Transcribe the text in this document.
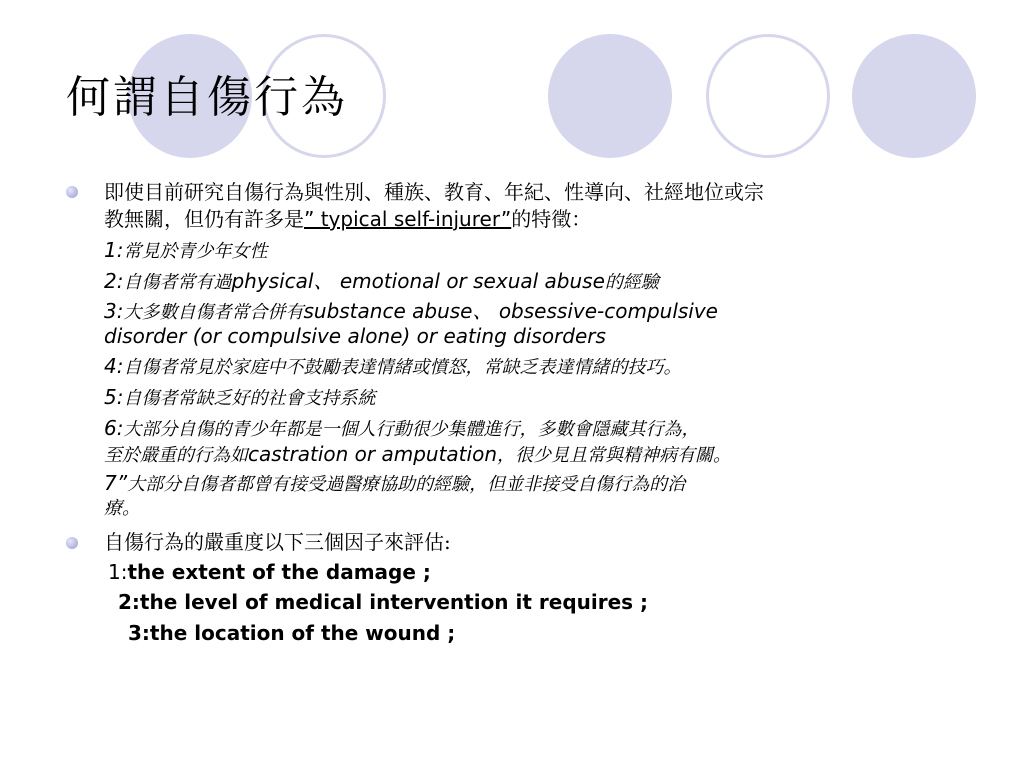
何謂自傷行為

即使目前研究自傷行為與性別、種族、教育、年紀、性導向、社經地位或宗

教無關，但仍有許多是” typical self-injurer”的特徵：

1:常見於青少年女性

2:自傷者常有過physical、 emotional or sexual abuse的經驗

3:大多數自傷者常合併有substance abuse、 obsessive-compulsive

disorder (or compulsive alone) or eating disorders

4:自傷者常見於家庭中不鼓勵表達情緒或憤怒，常缺乏表達情緒的技巧。

5:自傷者常缺乏好的社會支持系統

6:大部分自傷的青少年都是一個人行動很少集體進行，多數會隱藏其行為，

至於嚴重的行為如castration or amputation，很少見且常與精神病有關。

7”大部分自傷者都曾有接受過醫療協助的經驗，但並非接受自傷行為的治

療。

自傷行為的嚴重度以下三個因子來評估:

1:the extent of the damage ;

2:the level of medical intervention it requires ;

3:the location of the wound ;
